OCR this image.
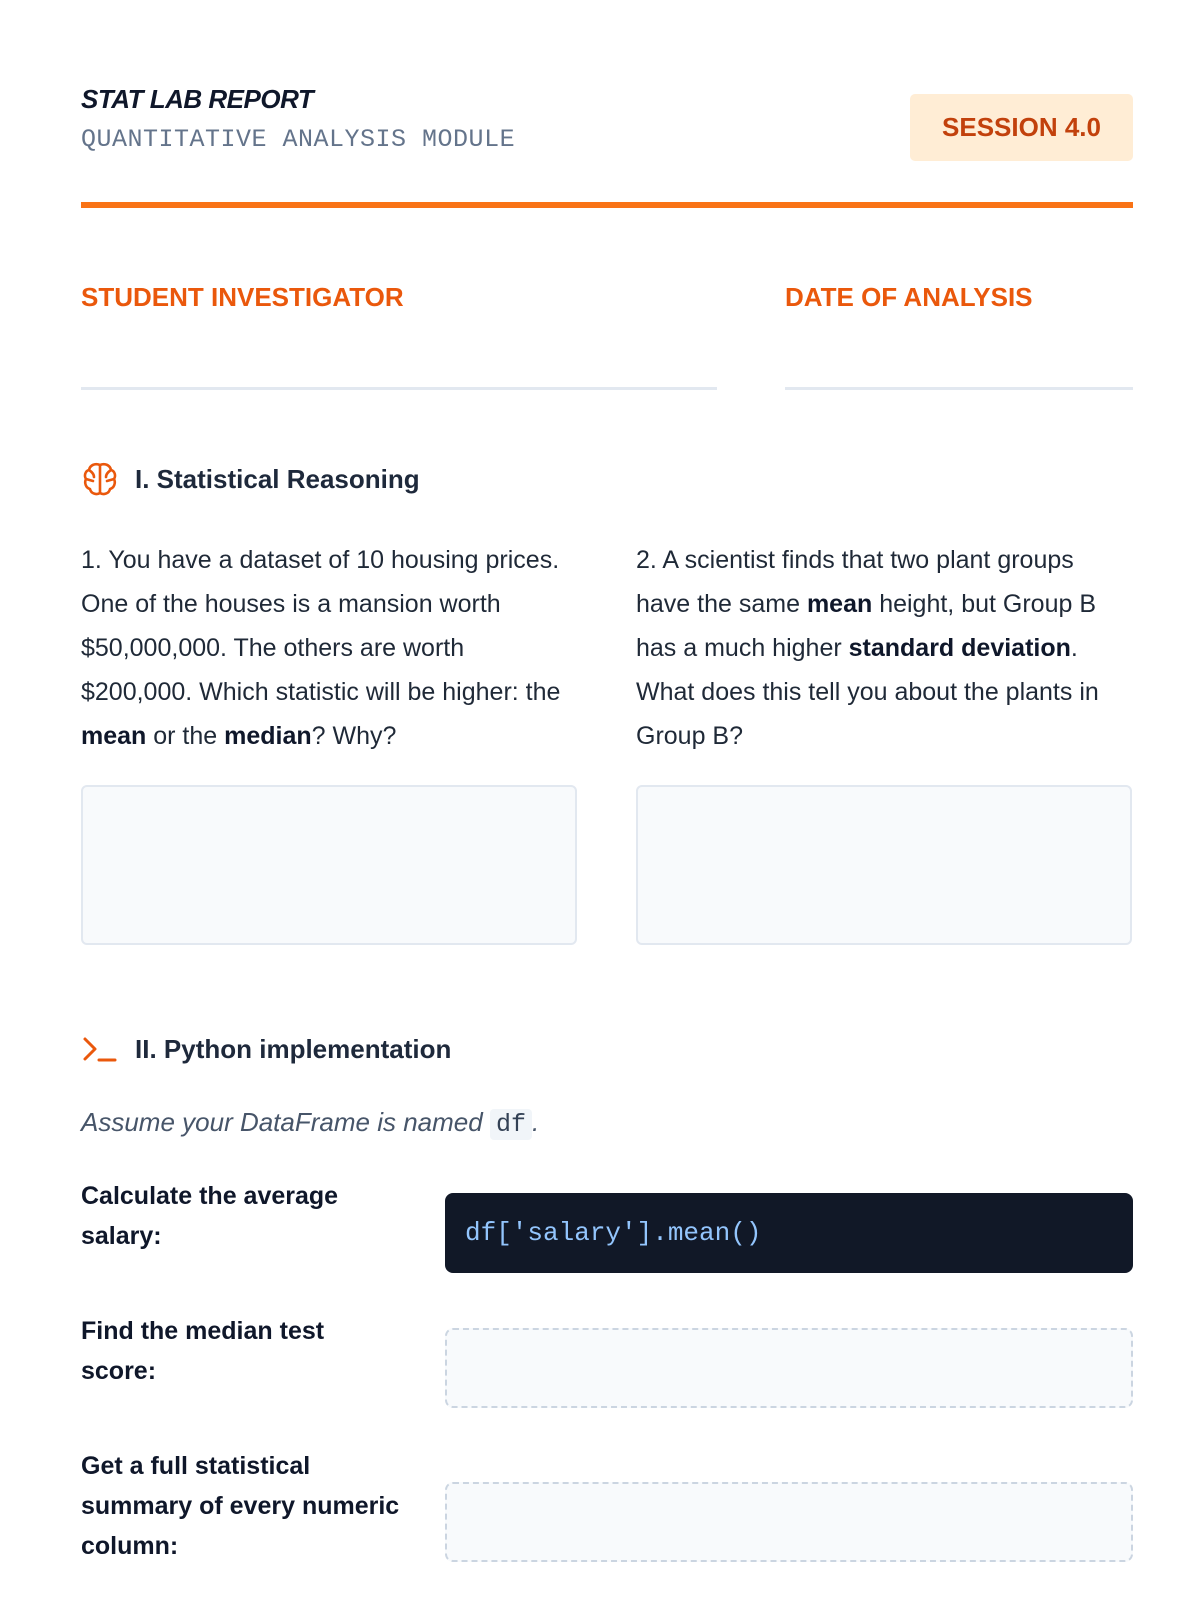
STAT LAB REPORT
QUANTITATIVE ANALYSIS MODULE	SESSION 4.0
STUDENT INVESTIGATOR	DATE OF ANALYSIS
I. Statistical Reasoning
1. You have a dataset of 10 housing prices. One of the houses is a mansion worth $50,000,000. The others are worth $200,000. Which statistic will be higher: the mean or the median? Why?
2. A scientist finds that two plant groups have the same mean height, but Group B has a much higher standard deviation. What does this tell you about the plants in Group B?
II. Python implementation
Assume your DataFrame is named df .
Calculate the average salary:	df['salary'].mean()
Find the median test score:
Get a full statistical summary of every numeric column:
